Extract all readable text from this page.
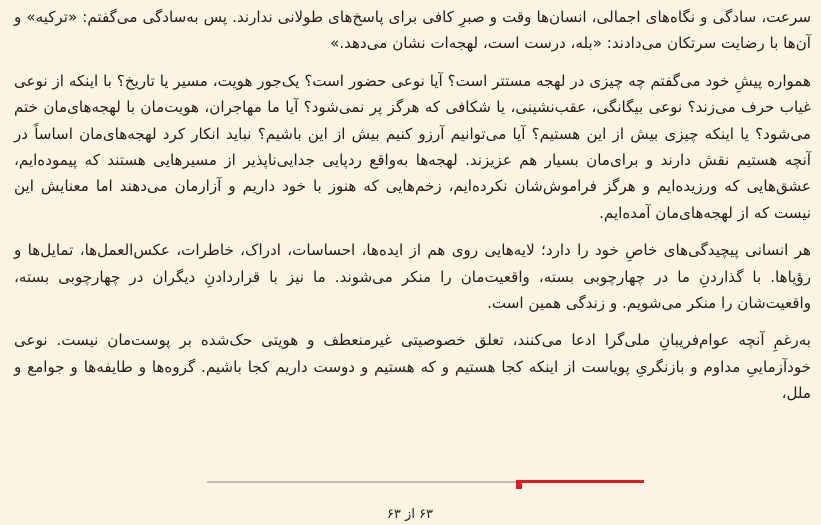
سرعت، سادگی و نگاه‌های اجمالی، انسان‌ها وقت و صبرِ کافی برای پاسخ‌های طولانی ندارند. پس به‌سادگی می‌گفتم: «ترکیه» و آن‌ها با رضایت سرتکان می‌دادند: «بله، درست است، لهجه‌ات نشان می‌دهد.»

همواره پیشِ خود می‌گفتم چه چیزی در لهجه مستتر است؟ آیا نوعی حضور است؟ یک‌جور هویت، مسیر یا تاریخ؟ با اینکه از نوعی غیاب حرف می‌زند؟ نوعی بیگانگی، عقب‌نشینی، یا شکافی که هرگز پر نمی‌شود؟ آیا ما مهاجران، هویت‌مان با لهجه‌های‌مان ختم می‌شود؟ یا اینکه چیزی بیش از این هستیم؟ آیا می‌توانیم آرزو کنیم بیش از این باشیم؟ نباید انکار کرد لهجه‌های‌مان اساساً در آنچه هستیم نقش دارند و برای‌مان بسیار هم عزیزند. لهجه‌ها به‌واقع ردپایی جدایی‌ناپذیر از مسیرهایی هستند که پیموده‌ایم، عشق‌هایی که ورزیده‌ایم و هرگز فراموش‌شان نکرده‌ایم، زخم‌هایی که هنوز با خود داریم و آزارمان می‌دهند اما معنایش این نیست که از لهجه‌های‌مان آمده‌ایم.

هر انسانی پیچیدگی‌های خاصِ خود را دارد؛ لایه‌هایی روی هم از ایده‌ها، احساسات، ادراک، خاطرات، عکس‌العمل‌ها، تمایل‌ها و رؤیاها. با گذاردنِ ما در چهارچوبی بسته، واقعیت‌مان را منکر می‌شوند. ما نیز با قراردادنِ دیگران در چهارچوبی بسته، واقعیت‌شان را منکر می‌شویم. و زندگی همین است.

به‌رغمِ آنچه عوام‌فریبانِ ملی‌گرا ادعا می‌کنند، تعلق خصوصیتی غیرمنعطف و هویتی حک‌شده بر پوست‌مان نیست. نوعی خودآزماییِ مداوم و بازنگریِ پویاست از اینکه کجا هستیم و که هستیم و دوست داریم کجا باشیم. گروه‌ها و طایفه‌ها و جوامع و ملل،

۶۳ از ۶۳
